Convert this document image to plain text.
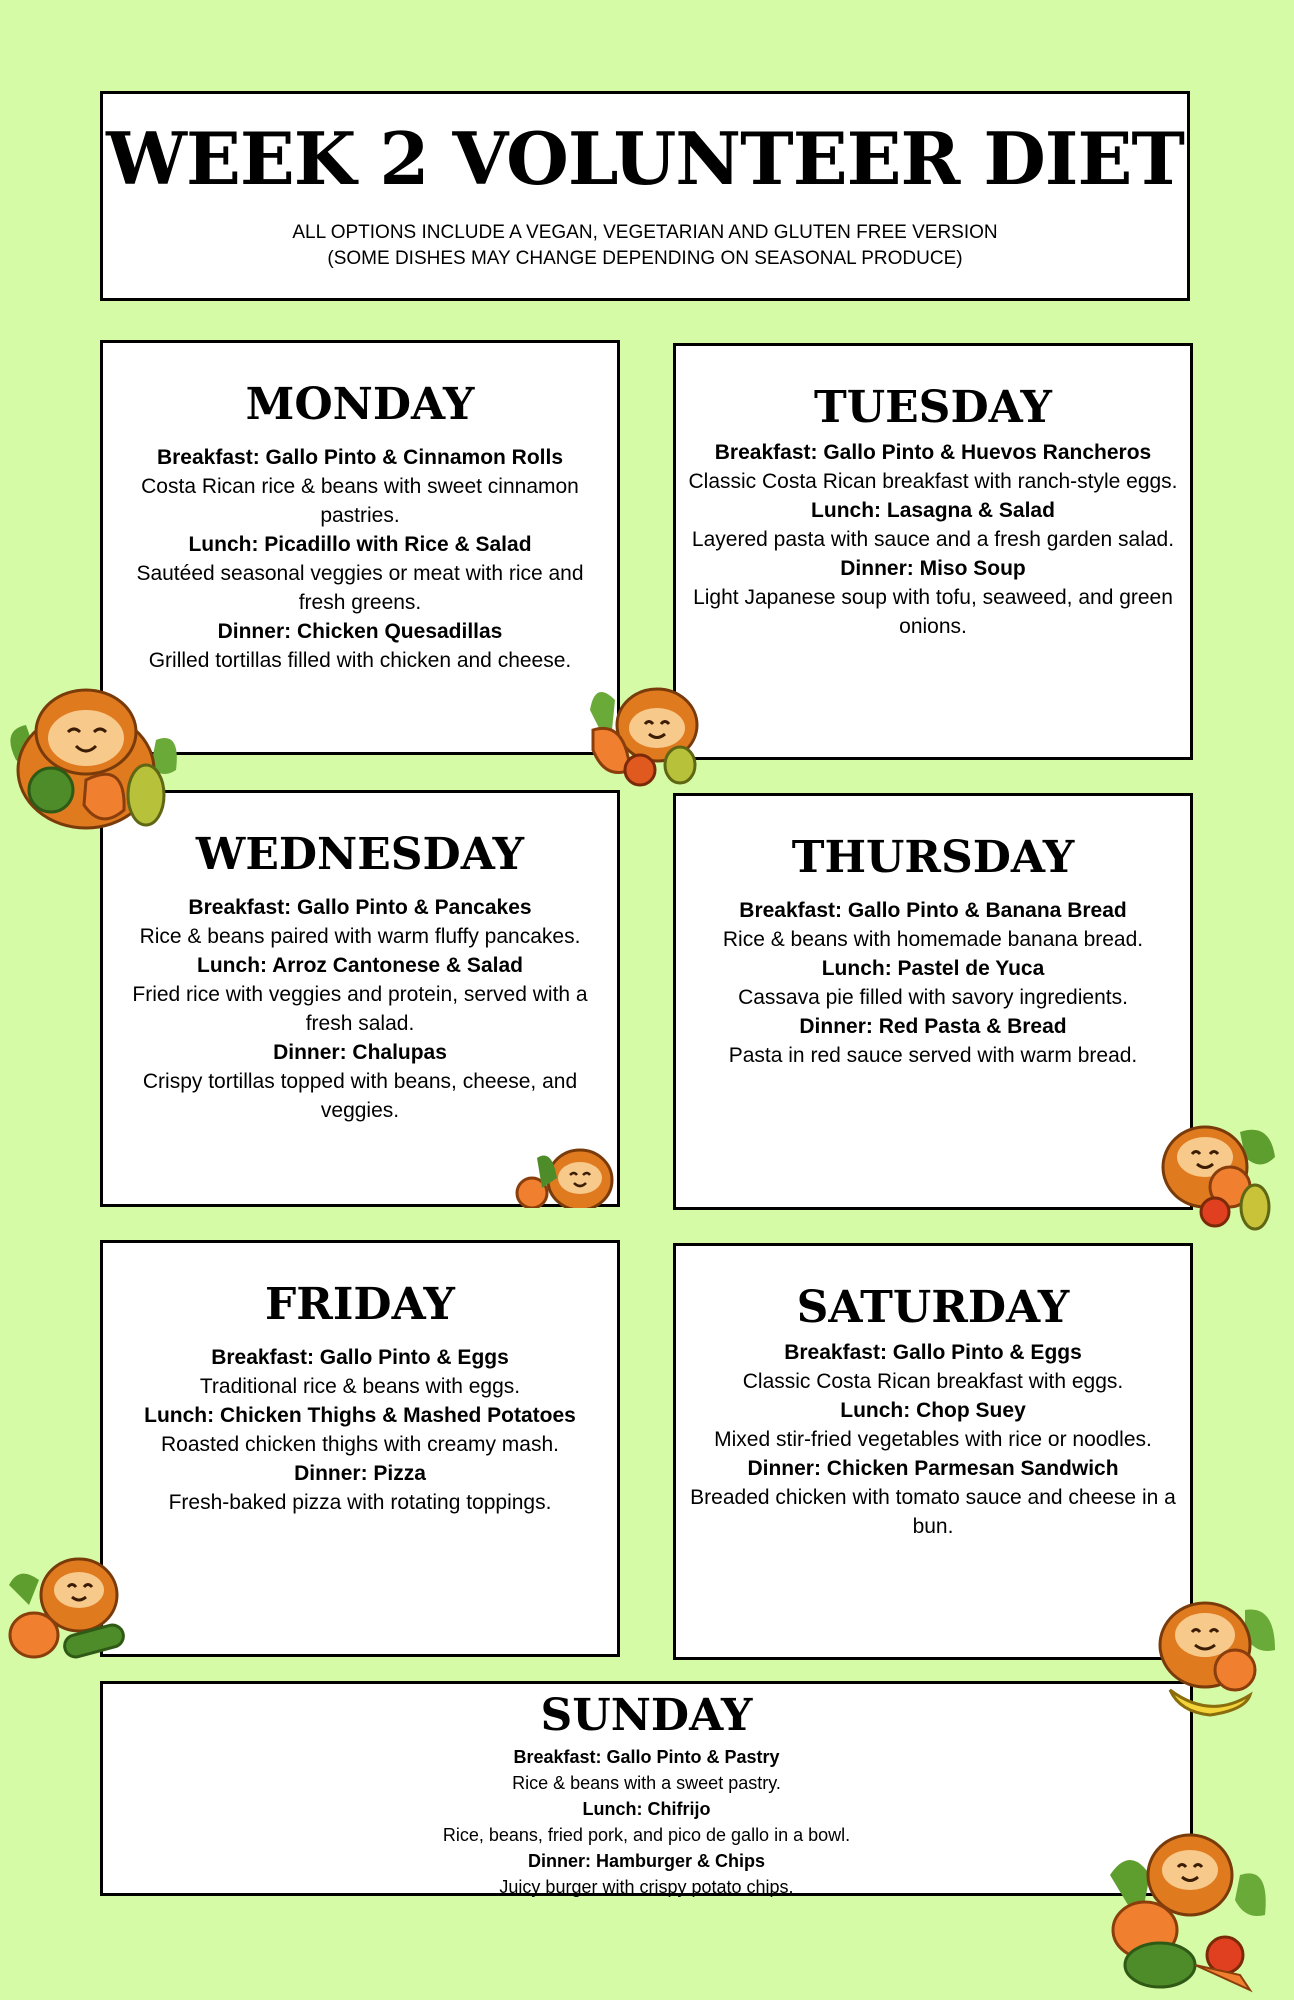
WEEK 2 VOLUNTEER DIET
ALL OPTIONS INCLUDE A VEGAN, VEGETARIAN AND GLUTEN FREE VERSION
(SOME DISHES MAY CHANGE DEPENDING ON SEASONAL PRODUCE)
MONDAY
Breakfast: Gallo Pinto & Cinnamon Rolls
Costa Rican rice & beans with sweet cinnamon pastries.
Lunch: Picadillo with Rice & Salad
Sautéed seasonal veggies or meat with rice and fresh greens.
Dinner: Chicken Quesadillas
Grilled tortillas filled with chicken and cheese.
TUESDAY
Breakfast: Gallo Pinto & Huevos Rancheros
Classic Costa Rican breakfast with ranch-style eggs.
Lunch: Lasagna & Salad
Layered pasta with sauce and a fresh garden salad.
Dinner: Miso Soup
Light Japanese soup with tofu, seaweed, and green onions.
WEDNESDAY
Breakfast: Gallo Pinto & Pancakes
Rice & beans paired with warm fluffy pancakes.
Lunch: Arroz Cantonese & Salad
Fried rice with veggies and protein, served with a fresh salad.
Dinner: Chalupas
Crispy tortillas topped with beans, cheese, and veggies.
THURSDAY
Breakfast: Gallo Pinto & Banana Bread
Rice & beans with homemade banana bread.
Lunch: Pastel de Yuca
Cassava pie filled with savory ingredients.
Dinner: Red Pasta & Bread
Pasta in red sauce served with warm bread.
FRIDAY
Breakfast: Gallo Pinto & Eggs
Traditional rice & beans with eggs.
Lunch: Chicken Thighs & Mashed Potatoes
Roasted chicken thighs with creamy mash.
Dinner: Pizza
Fresh-baked pizza with rotating toppings.
SATURDAY
Breakfast: Gallo Pinto & Eggs
Classic Costa Rican breakfast with eggs.
Lunch: Chop Suey
Mixed stir-fried vegetables with rice or noodles.
Dinner: Chicken Parmesan Sandwich
Breaded chicken with tomato sauce and cheese in a bun.
SUNDAY
Breakfast: Gallo Pinto & Pastry
Rice & beans with a sweet pastry.
Lunch: Chifrijo
Rice, beans, fried pork, and pico de gallo in a bowl.
Dinner: Hamburger & Chips
Juicy burger with crispy potato chips.
